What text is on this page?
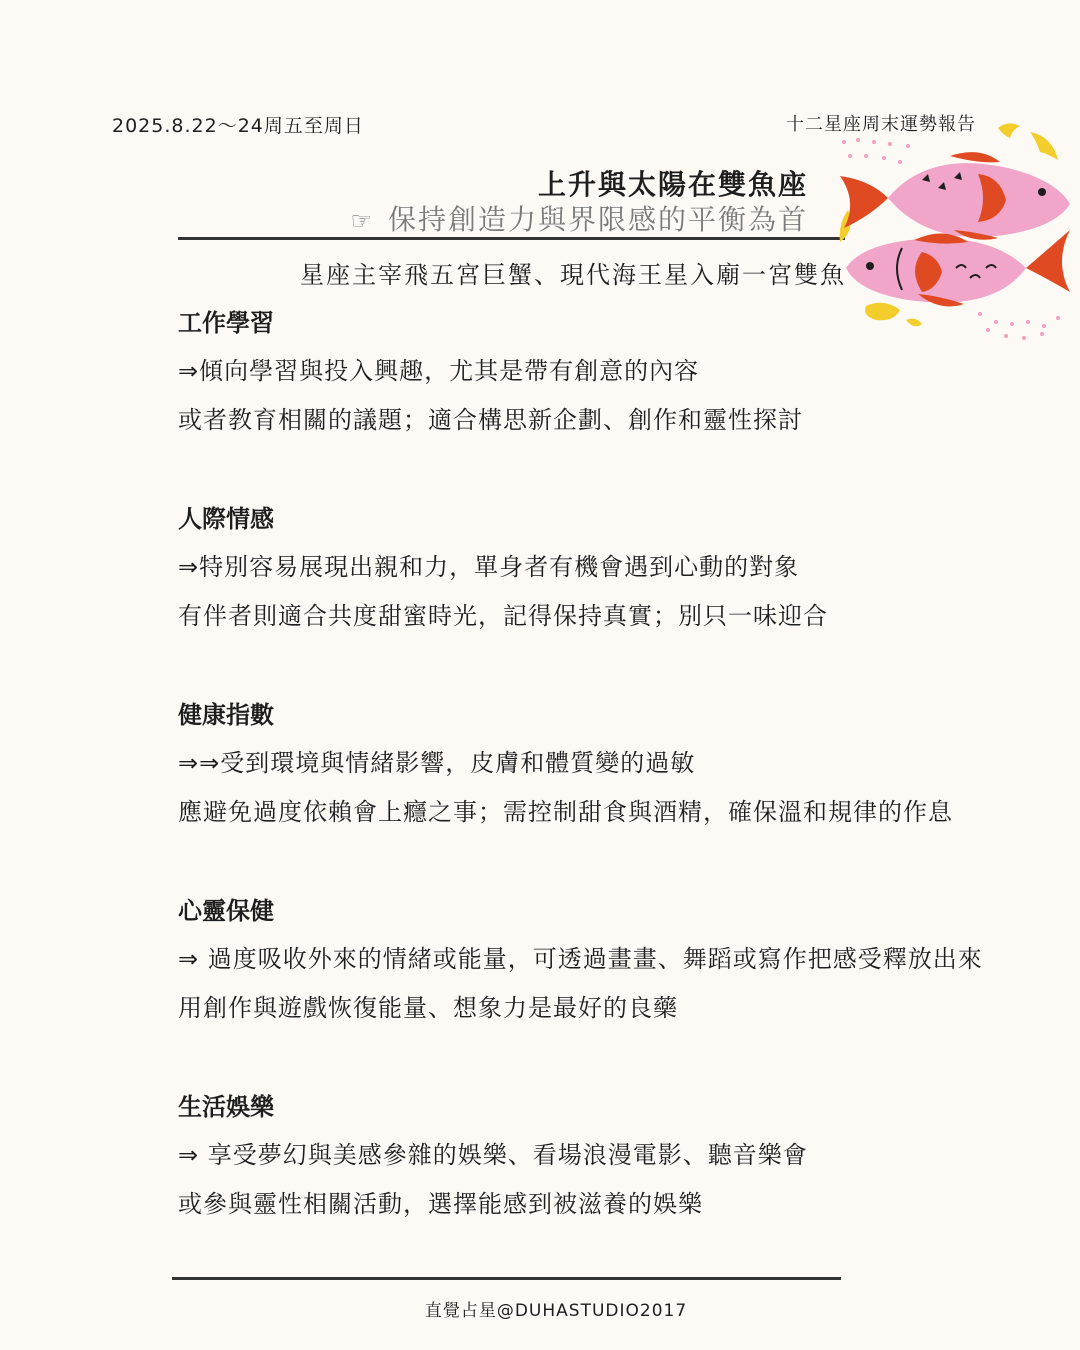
2025.8.22～24周五至周日	十二星座周末運勢報告
上升與太陽在雙魚座
☞ 保持創造力與界限感的平衡為首
星座主宰飛五宮巨蟹、現代海王星入廟一宮雙魚
工作學習
⇒傾向學習與投入興趣，尤其是帶有創意的內容
或者教育相關的議題；適合構思新企劃、創作和靈性探討
人際情感
⇒特別容易展現出親和力，單身者有機會遇到心動的對象
有伴者則適合共度甜蜜時光，記得保持真實；別只一味迎合
健康指數
⇒⇒受到環境與情緒影響，皮膚和體質變的過敏
應避免過度依賴會上癮之事；需控制甜食與酒精，確保溫和規律的作息
心靈保健
⇒ 過度吸收外來的情緒或能量，可透過畫畫、舞蹈或寫作把感受釋放出來
用創作與遊戲恢復能量、想象力是最好的良藥
生活娛樂
⇒ 享受夢幻與美感參雜的娛樂、看場浪漫電影、聽音樂會
或參與靈性相關活動，選擇能感到被滋養的娛樂
直覺占星@DUHASTUDIO2017
